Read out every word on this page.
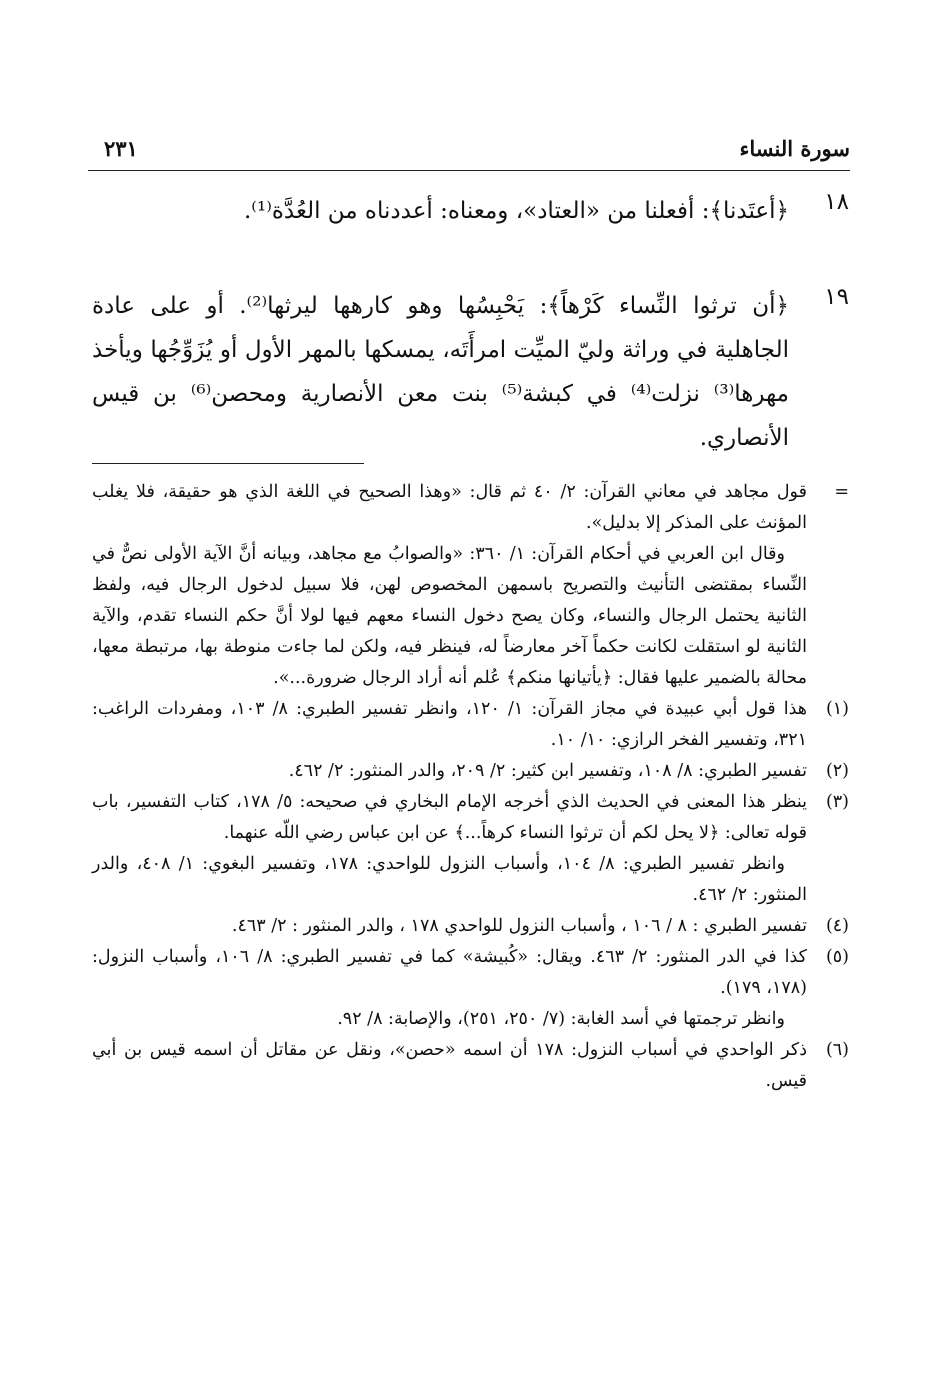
سورة النساء
٢٣١
١٨
﴿أعتَدنا﴾: أفعلنا من «العتاد»، ومعناه: أعددناه من العُدَّة⁽¹⁾.
١٩
﴿أن ترثوا النِّساء كَرْهاً﴾: يَحْبِسُها وهو كارهها ليرثها⁽²⁾. أو على عادة الجاهلية في وراثة وليّ الميِّت امرأَتَه، يمسكها بالمهر الأول أو يُزَوِّجُها ويأخذ مهرها⁽³⁾ نزلت⁽⁴⁾ في كبشة⁽⁵⁾ بنت معن الأنصارية ومحصن⁽⁶⁾ بن قيس الأنصاري.
=
قول مجاهد في معاني القرآن: ٢/ ٤٠ ثم قال: «وهذا الصحيح في اللغة الذي هو حقيقة، فلا يغلب المؤنث على المذكر إلا بدليل».
وقال ابن العربي في أحكام القرآن: ١/ ٣٦٠: «والصوابُ مع مجاهد، وبيانه أنَّ الآية الأولى نصٌّ في النِّساء بمقتضى التأنيث والتصريح باسمهن المخصوص لهن، فلا سبيل لدخول الرجال فيه، ولفظ الثانية يحتمل الرجال والنساء، وكان يصح دخول النساء معهم فيها لولا أنَّ حكم النساء تقدم، والآية الثانية لو استقلت لكانت حكماً آخر معارضاً له، فينظر فيه، ولكن لما جاءت منوطة بها، مرتبطة معها، محالة بالضمير عليها فقال: ﴿يأتيانها منكم﴾ عُلم أنه أراد الرجال ضرورة...».
(١)
هذا قول أبي عبيدة في مجاز القرآن: ١/ ١٢٠، وانظر تفسير الطبري: ٨/ ١٠٣، ومفردات الراغب: ٣٢١، وتفسير الفخر الرازي: ١٠/ ١٠.
(٢)
تفسير الطبري: ٨/ ١٠٨، وتفسير ابن كثير: ٢/ ٢٠٩، والدر المنثور: ٢/ ٤٦٢.
(٣)
ينظر هذا المعنى في الحديث الذي أخرجه الإمام البخاري في صحيحه: ٥/ ١٧٨، كتاب التفسير، باب قوله تعالى: ﴿لا يحل لكم أن ترثوا النساء كرهاً...﴾ عن ابن عباس رضي اللّه عنهما.
وانظر تفسير الطبري: ٨/ ١٠٤، وأسباب النزول للواحدي: ١٧٨، وتفسير البغوي: ١/ ٤٠٨، والدر المنثور: ٢/ ٤٦٢.
(٤)
تفسير الطبري : ٨ / ١٠٦ ، وأسباب النزول للواحدي ١٧٨ ، والدر المنثور : ٢/ ٤٦٣.
(٥)
كذا في الدر المنثور: ٢/ ٤٦٣. ويقال: «كُبيشة» كما في تفسير الطبري: ٨/ ١٠٦، وأسباب النزول: (١٧٨، ١٧٩).
وانظر ترجمتها في أسد الغابة: (٧/ ٢٥٠، ٢٥١)، والإصابة: ٨/ ٩٢.
(٦)
ذكر الواحدي في أسباب النزول: ١٧٨ أن اسمه «حصن»، ونقل عن مقاتل أن اسمه قيس بن أبي قيس.
